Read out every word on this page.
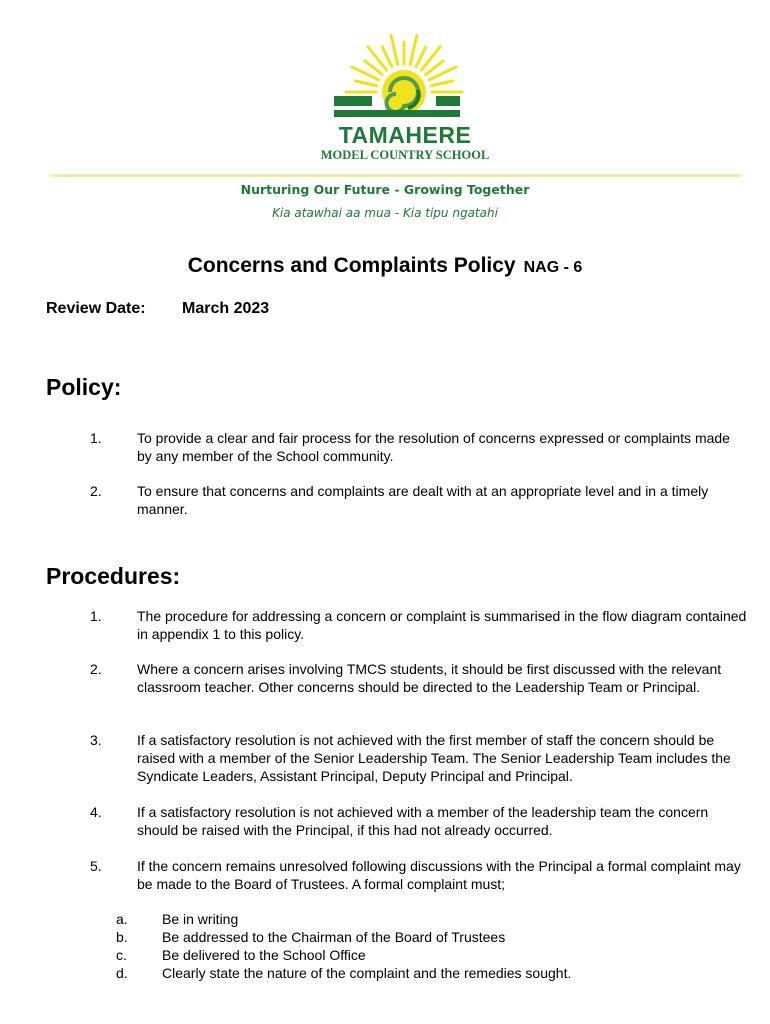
TAMAHERE
MODEL COUNTRY SCHOOL
Nurturing Our Future - Growing Together
Kia atawhai aa mua - Kia tipu ngatahi
Concerns and Complaints Policy NAG - 6
Review Date: March 2023
Policy:
1.	To provide a clear and fair process for the resolution of concerns expressed or complaints made by any member of the School community.
2.	To ensure that concerns and complaints are dealt with at an appropriate level and in a timely manner.
Procedures:
1.	The procedure for addressing a concern or complaint is summarised in the flow diagram contained in appendix 1 to this policy.
2.	Where a concern arises involving TMCS students, it should be first discussed with the relevant classroom teacher. Other concerns should be directed to the Leadership Team or Principal.
3.	If a satisfactory resolution is not achieved with the first member of staff the concern should be raised with a member of the Senior Leadership Team. The Senior Leadership Team includes the Syndicate Leaders, Assistant Principal, Deputy Principal and Principal.
4.	If a satisfactory resolution is not achieved with a member of the leadership team the concern should be raised with the Principal, if this had not already occurred.
5.	If the concern remains unresolved following discussions with the Principal a formal complaint may be made to the Board of Trustees. A formal complaint must;
a. Be in writing
b. Be addressed to the Chairman of the Board of Trustees
c.	Be delivered to the School Office
d. Clearly state the nature of the complaint and the remedies sought.
